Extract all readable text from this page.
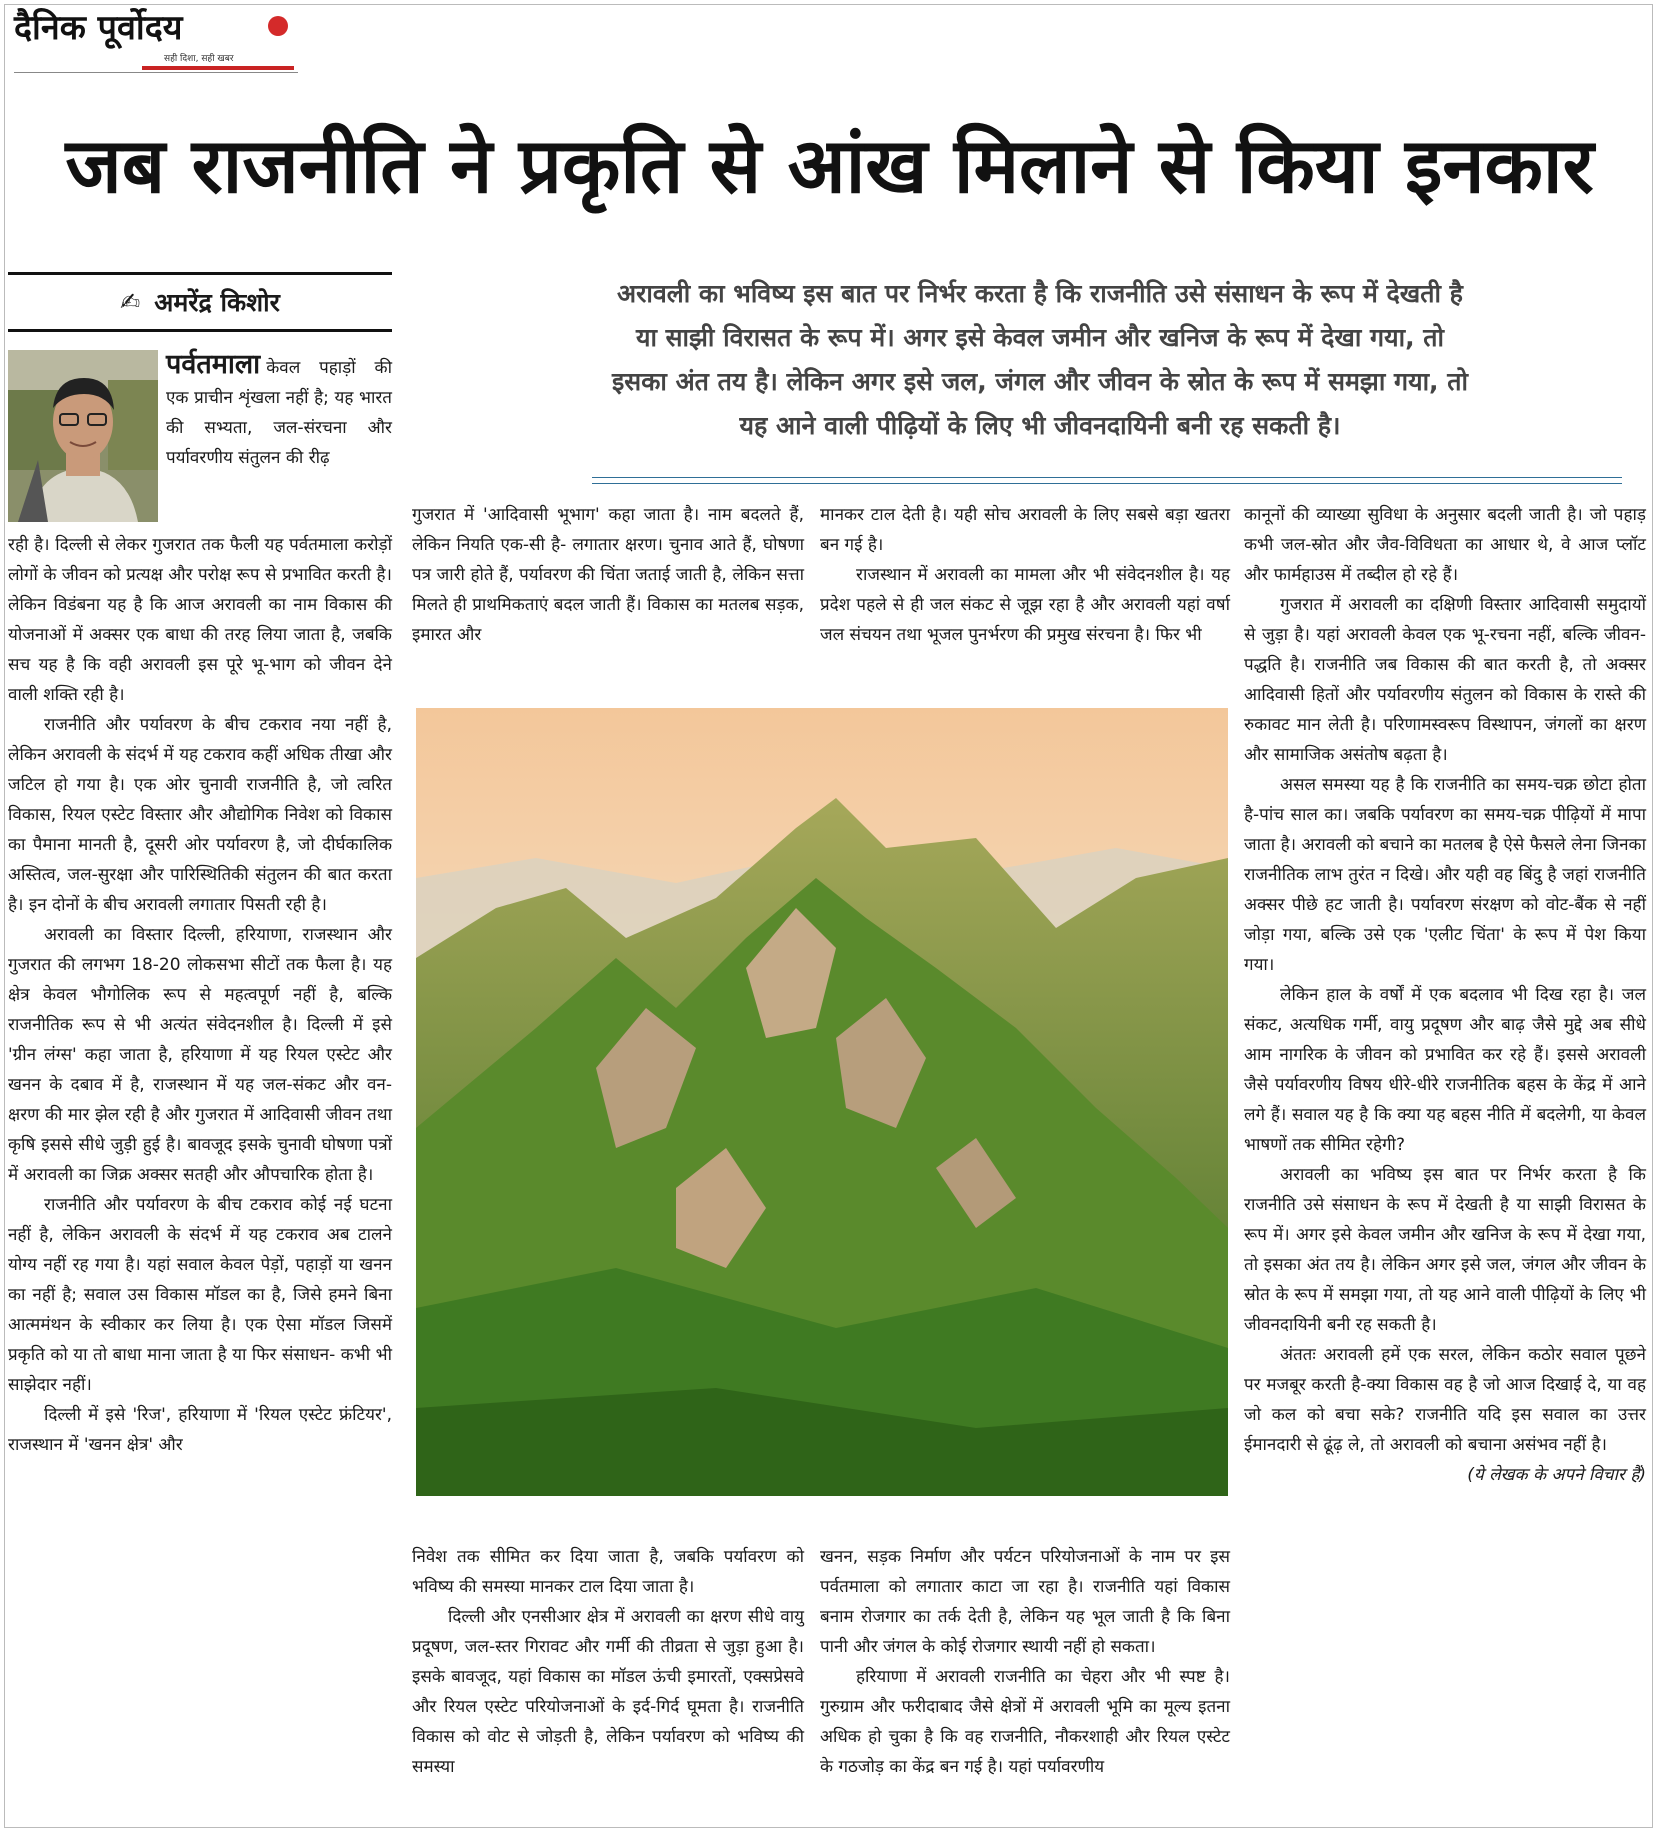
दैनिक पूर्वोदय
सही दिशा, सही खबर
जब राजनीति ने प्रकृति से आंख मिलाने से किया इनकार
✍ अमरेंद्र किशोर	अरावली का भविष्य इस बात पर निर्भर करता है कि राजनीति उसे संसाधन के रूप में देखती है

या साझी विरासत के रूप में। अगर इसे केवल जमीन और खनिज के रूप में देखा गया, तो

इसका अंत तय है। लेकिन अगर इसे जल, जंगल और जीवन के स्रोत के रूप में समझा गया, तो

यह आने वाली पीढ़ियों के लिए भी जीवनदायिनी बनी रह सकती है।

पर्वतमाला केवल पहाड़ों की एक प्राचीन शृंखला नहीं है; यह भारत की सभ्यता, जल-संरचना और पर्यावरणीय संतुलन की रीढ़

रही है। दिल्ली से लेकर गुजरात तक फैली यह पर्वतमाला करोड़ों लोगों के जीवन को प्रत्यक्ष और परोक्ष रूप से प्रभावित करती है। लेकिन विडंबना यह है कि आज अरावली का नाम विकास की योजनाओं में अक्सर एक बाधा की तरह लिया जाता है, जबकि सच यह है कि वही अरावली इस पूरे भू-भाग को जीवन देने वाली शक्ति रही है।

राजनीति और पर्यावरण के बीच टकराव नया नहीं है, लेकिन अरावली के संदर्भ में यह टकराव कहीं अधिक तीखा और जटिल हो गया है। एक ओर चुनावी राजनीति है, जो त्वरित विकास, रियल एस्टेट विस्तार और औद्योगिक निवेश को विकास का पैमाना मानती है, दूसरी ओर पर्यावरण है, जो दीर्घकालिक अस्तित्व, जल-सुरक्षा और पारिस्थितिकी संतुलन की बात करता है। इन दोनों के बीच अरावली लगातार पिसती रही है।

अरावली का विस्तार दिल्ली, हरियाणा, राजस्थान और गुजरात की लगभग 18-20 लोकसभा सीटों तक फैला है। यह क्षेत्र केवल भौगोलिक रूप से महत्वपूर्ण नहीं है, बल्कि राजनीतिक रूप से भी अत्यंत संवेदनशील है। दिल्ली में इसे 'ग्रीन लंग्स' कहा जाता है, हरियाणा में यह रियल एस्टेट और खनन के दबाव में है, राजस्थान में यह जल-संकट और वन-क्षरण की मार झेल रही है और गुजरात में आदिवासी जीवन तथा कृषि इससे सीधे जुड़ी हुई है। बावजूद इसके चुनावी घोषणा पत्रों में अरावली का जिक्र अक्सर सतही और औपचारिक होता है।

राजनीति और पर्यावरण के बीच टकराव कोई नई घटना नहीं है, लेकिन अरावली के संदर्भ में यह टकराव अब टालने योग्य नहीं रह गया है। यहां सवाल केवल पेड़ों, पहाड़ों या खनन का नहीं है; सवाल उस विकास मॉडल का है, जिसे हमने बिना आत्ममंथन के स्वीकार कर लिया है। एक ऐसा मॉडल जिसमें प्रकृति को या तो बाधा माना जाता है या फिर संसाधन- कभी भी साझेदार नहीं।

दिल्ली में इसे 'रिज', हरियाणा में 'रियल एस्टेट फ्रंटियर', राजस्थान में 'खनन क्षेत्र' और

गुजरात में 'आदिवासी भूभाग' कहा जाता है। नाम बदलते हैं, लेकिन नियति एक-सी है- लगातार क्षरण। चुनाव आते हैं, घोषणा पत्र जारी होते हैं, पर्यावरण की चिंता जताई जाती है, लेकिन सत्ता मिलते ही प्राथमिकताएं बदल जाती हैं। विकास का मतलब सड़क, इमारत और

मानकर टाल देती है। यही सोच अरावली के लिए सबसे बड़ा खतरा बन गई है।

राजस्थान में अरावली का मामला और भी संवेदनशील है। यह प्रदेश पहले से ही जल संकट से जूझ रहा है और अरावली यहां वर्षा जल संचयन तथा भूजल पुनर्भरण की प्रमुख संरचना है। फिर भी

निवेश तक सीमित कर दिया जाता है, जबकि पर्यावरण को भविष्य की समस्या मानकर टाल दिया जाता है।

दिल्ली और एनसीआर क्षेत्र में अरावली का क्षरण सीधे वायु प्रदूषण, जल-स्तर गिरावट और गर्मी की तीव्रता से जुड़ा हुआ है। इसके बावजूद, यहां विकास का मॉडल ऊंची इमारतों, एक्सप्रेसवे और रियल एस्टेट परियोजनाओं के इर्द-गिर्द घूमता है। राजनीति विकास को वोट से जोड़ती है, लेकिन पर्यावरण को भविष्य की समस्या

खनन, सड़क निर्माण और पर्यटन परियोजनाओं के नाम पर इस पर्वतमाला को लगातार काटा जा रहा है। राजनीति यहां विकास बनाम रोजगार का तर्क देती है, लेकिन यह भूल जाती है कि बिना पानी और जंगल के कोई रोजगार स्थायी नहीं हो सकता।

हरियाणा में अरावली राजनीति का चेहरा और भी स्पष्ट है। गुरुग्राम और फरीदाबाद जैसे क्षेत्रों में अरावली भूमि का मूल्य इतना अधिक हो चुका है कि वह राजनीति, नौकरशाही और रियल एस्टेट के गठजोड़ का केंद्र बन गई है। यहां पर्यावरणीय

कानूनों की व्याख्या सुविधा के अनुसार बदली जाती है। जो पहाड़ कभी जल-स्रोत और जैव-विविधता का आधार थे, वे आज प्लॉट और फार्महाउस में तब्दील हो रहे हैं।

गुजरात में अरावली का दक्षिणी विस्तार आदिवासी समुदायों से जुड़ा है। यहां अरावली केवल एक भू-रचना नहीं, बल्कि जीवन-पद्धति है। राजनीति जब विकास की बात करती है, तो अक्सर आदिवासी हितों और पर्यावरणीय संतुलन को विकास के रास्ते की रुकावट मान लेती है। परिणामस्वरूप विस्थापन, जंगलों का क्षरण और सामाजिक असंतोष बढ़ता है।

असल समस्या यह है कि राजनीति का समय-चक्र छोटा होता है-पांच साल का। जबकि पर्यावरण का समय-चक्र पीढ़ियों में मापा जाता है। अरावली को बचाने का मतलब है ऐसे फैसले लेना जिनका राजनीतिक लाभ तुरंत न दिखे। और यही वह बिंदु है जहां राजनीति अक्सर पीछे हट जाती है। पर्यावरण संरक्षण को वोट-बैंक से नहीं जोड़ा गया, बल्कि उसे एक 'एलीट चिंता' के रूप में पेश किया गया।

लेकिन हाल के वर्षों में एक बदलाव भी दिख रहा है। जल संकट, अत्यधिक गर्मी, वायु प्रदूषण और बाढ़ जैसे मुद्दे अब सीधे आम नागरिक के जीवन को प्रभावित कर रहे हैं। इससे अरावली जैसे पर्यावरणीय विषय धीरे-धीरे राजनीतिक बहस के केंद्र में आने लगे हैं। सवाल यह है कि क्या यह बहस नीति में बदलेगी, या केवल भाषणों तक सीमित रहेगी?

अरावली का भविष्य इस बात पर निर्भर करता है कि राजनीति उसे संसाधन के रूप में देखती है या साझी विरासत के रूप में। अगर इसे केवल जमीन और खनिज के रूप में देखा गया, तो इसका अंत तय है। लेकिन अगर इसे जल, जंगल और जीवन के स्रोत के रूप में समझा गया, तो यह आने वाली पीढ़ियों के लिए भी जीवनदायिनी बनी रह सकती है।

अंततः अरावली हमें एक सरल, लेकिन कठोर सवाल पूछने पर मजबूर करती है-क्या विकास वह है जो आज दिखाई दे, या वह जो कल को बचा सके? राजनीति यदि इस सवाल का उत्तर ईमानदारी से ढूंढ़ ले, तो अरावली को बचाना असंभव नहीं है।

(ये लेखक के अपने विचार हैं)
